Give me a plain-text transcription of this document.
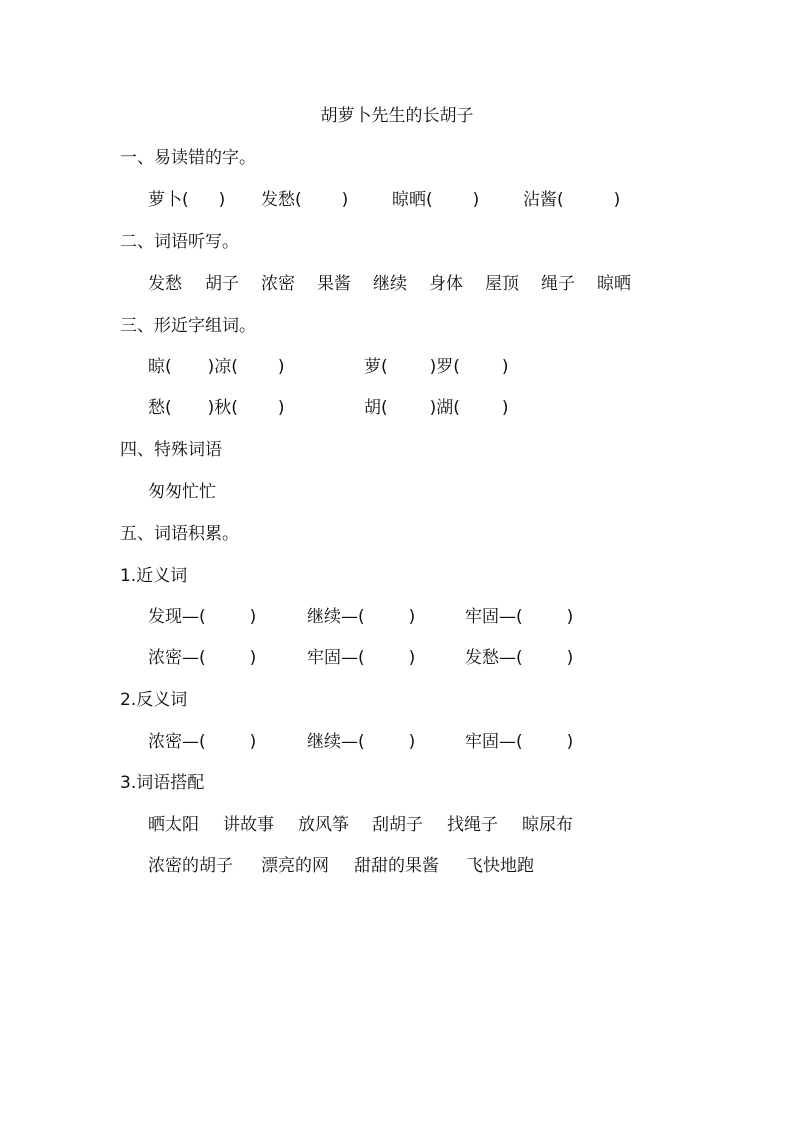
胡萝卜先生的长胡子
一、易读错的字。
萝卜( ) 发愁( )	晾晒( )	沾酱(	)
二、词语听写。
发愁 胡子 浓密 果酱 继续 身体 屋顶 绳子 晾晒
三、形近字组词。
晾( )凉( )	萝( )罗( )
愁( )秋( )	胡( )湖( )
四、特殊词语
匆匆忙忙
五、词语积累。
1.近义词
发现—(	)	继续—(	)	牢固—(	)
浓密—(	)	牢固—(	)	发愁—(	)
2.反义词
浓密—(	)	继续—(	)	牢固—(	)
3.词语搭配
晒太阳 讲故事 放风筝 刮胡子 找绳子 晾尿布
浓密的胡子 漂亮的网 甜甜的果酱 飞快地跑
